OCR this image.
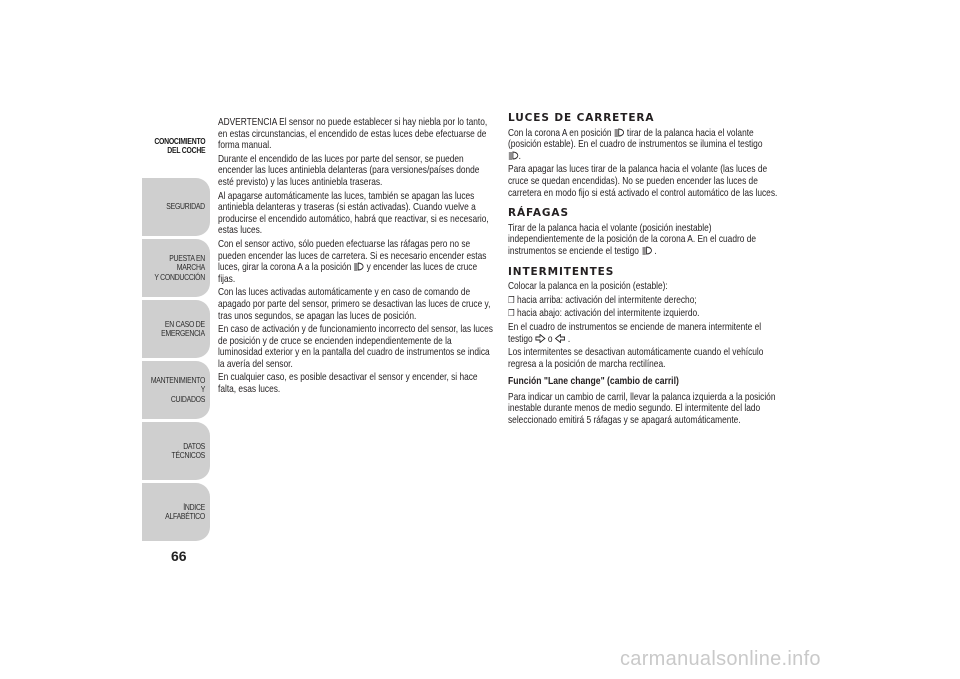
CONOCIMIENTO
DEL COCHE
SEGURIDAD
PUESTA EN MARCHA
Y CONDUCCIÓN
EN CASO DE
EMERGENCIA
MANTENIMIENTO Y
CUIDADOS
DATOS TÉCNICOS
ÍNDICE ALFABÉTICO
66

ADVERTENCIA El sensor no puede establecer si hay niebla por lo tanto, en estas circunstancias, el encendido de estas luces debe efectuarse de forma manual.

Durante el encendido de las luces por parte del sensor, se pueden encender las luces antiniebla delanteras (para versiones/países donde esté previsto) y las luces antiniebla traseras.

Al apagarse automáticamente las luces, también se apagan las luces antiniebla delanteras y traseras (si están activadas). Cuando vuelve a producirse el encendido automático, habrá que reactivar, si es necesario, estas luces.

Con el sensor activo, sólo pueden efectuarse las ráfagas pero no se pueden encender las luces de carretera. Si es necesario encender estas luces, girar la corona A a la posición y encender las luces de cruce fijas.

Con las luces activadas automáticamente y en caso de comando de apagado por parte del sensor, primero se desactivan las luces de cruce y, tras unos segundos, se apagan las luces de posición.

En caso de activación y de funcionamiento incorrecto del sensor, las luces de posición y de cruce se encienden independientemente de la luminosidad exterior y en la pantalla del cuadro de instrumentos se indica la avería del sensor.

En cualquier caso, es posible desactivar el sensor y encender, si hace falta, esas luces.

LUCES DE CARRETERA

Con la corona A en posición tirar de la palanca hacia el volante (posición estable). En el cuadro de instrumentos se ilumina el testigo
.

Para apagar las luces tirar de la palanca hacia el volante (las luces de cruce se quedan encendidas). No se pueden encender las luces de carretera en modo fijo si está activado el control automático de las luces.

RÁFAGAS

Tirar de la palanca hacia el volante (posición inestable) independientemente de la posición de la corona A. En el cuadro de instrumentos se enciende el testigo .

INTERMITENTES

Colocar la palanca en la posición (estable):

❒ hacia arriba: activación del intermitente derecho;

❒ hacia abajo: activación del intermitente izquierdo.

En el cuadro de instrumentos se enciende de manera intermitente el testigo o .

Los intermitentes se desactivan automáticamente cuando el vehículo regresa a la posición de marcha rectilínea.

Función "Lane change" (cambio de carril)

Para indicar un cambio de carril, llevar la palanca izquierda a la posición inestable durante menos de medio segundo. El intermitente del lado seleccionado emitirá 5 ráfagas y se apagará automáticamente.

carmanualsonline.info
